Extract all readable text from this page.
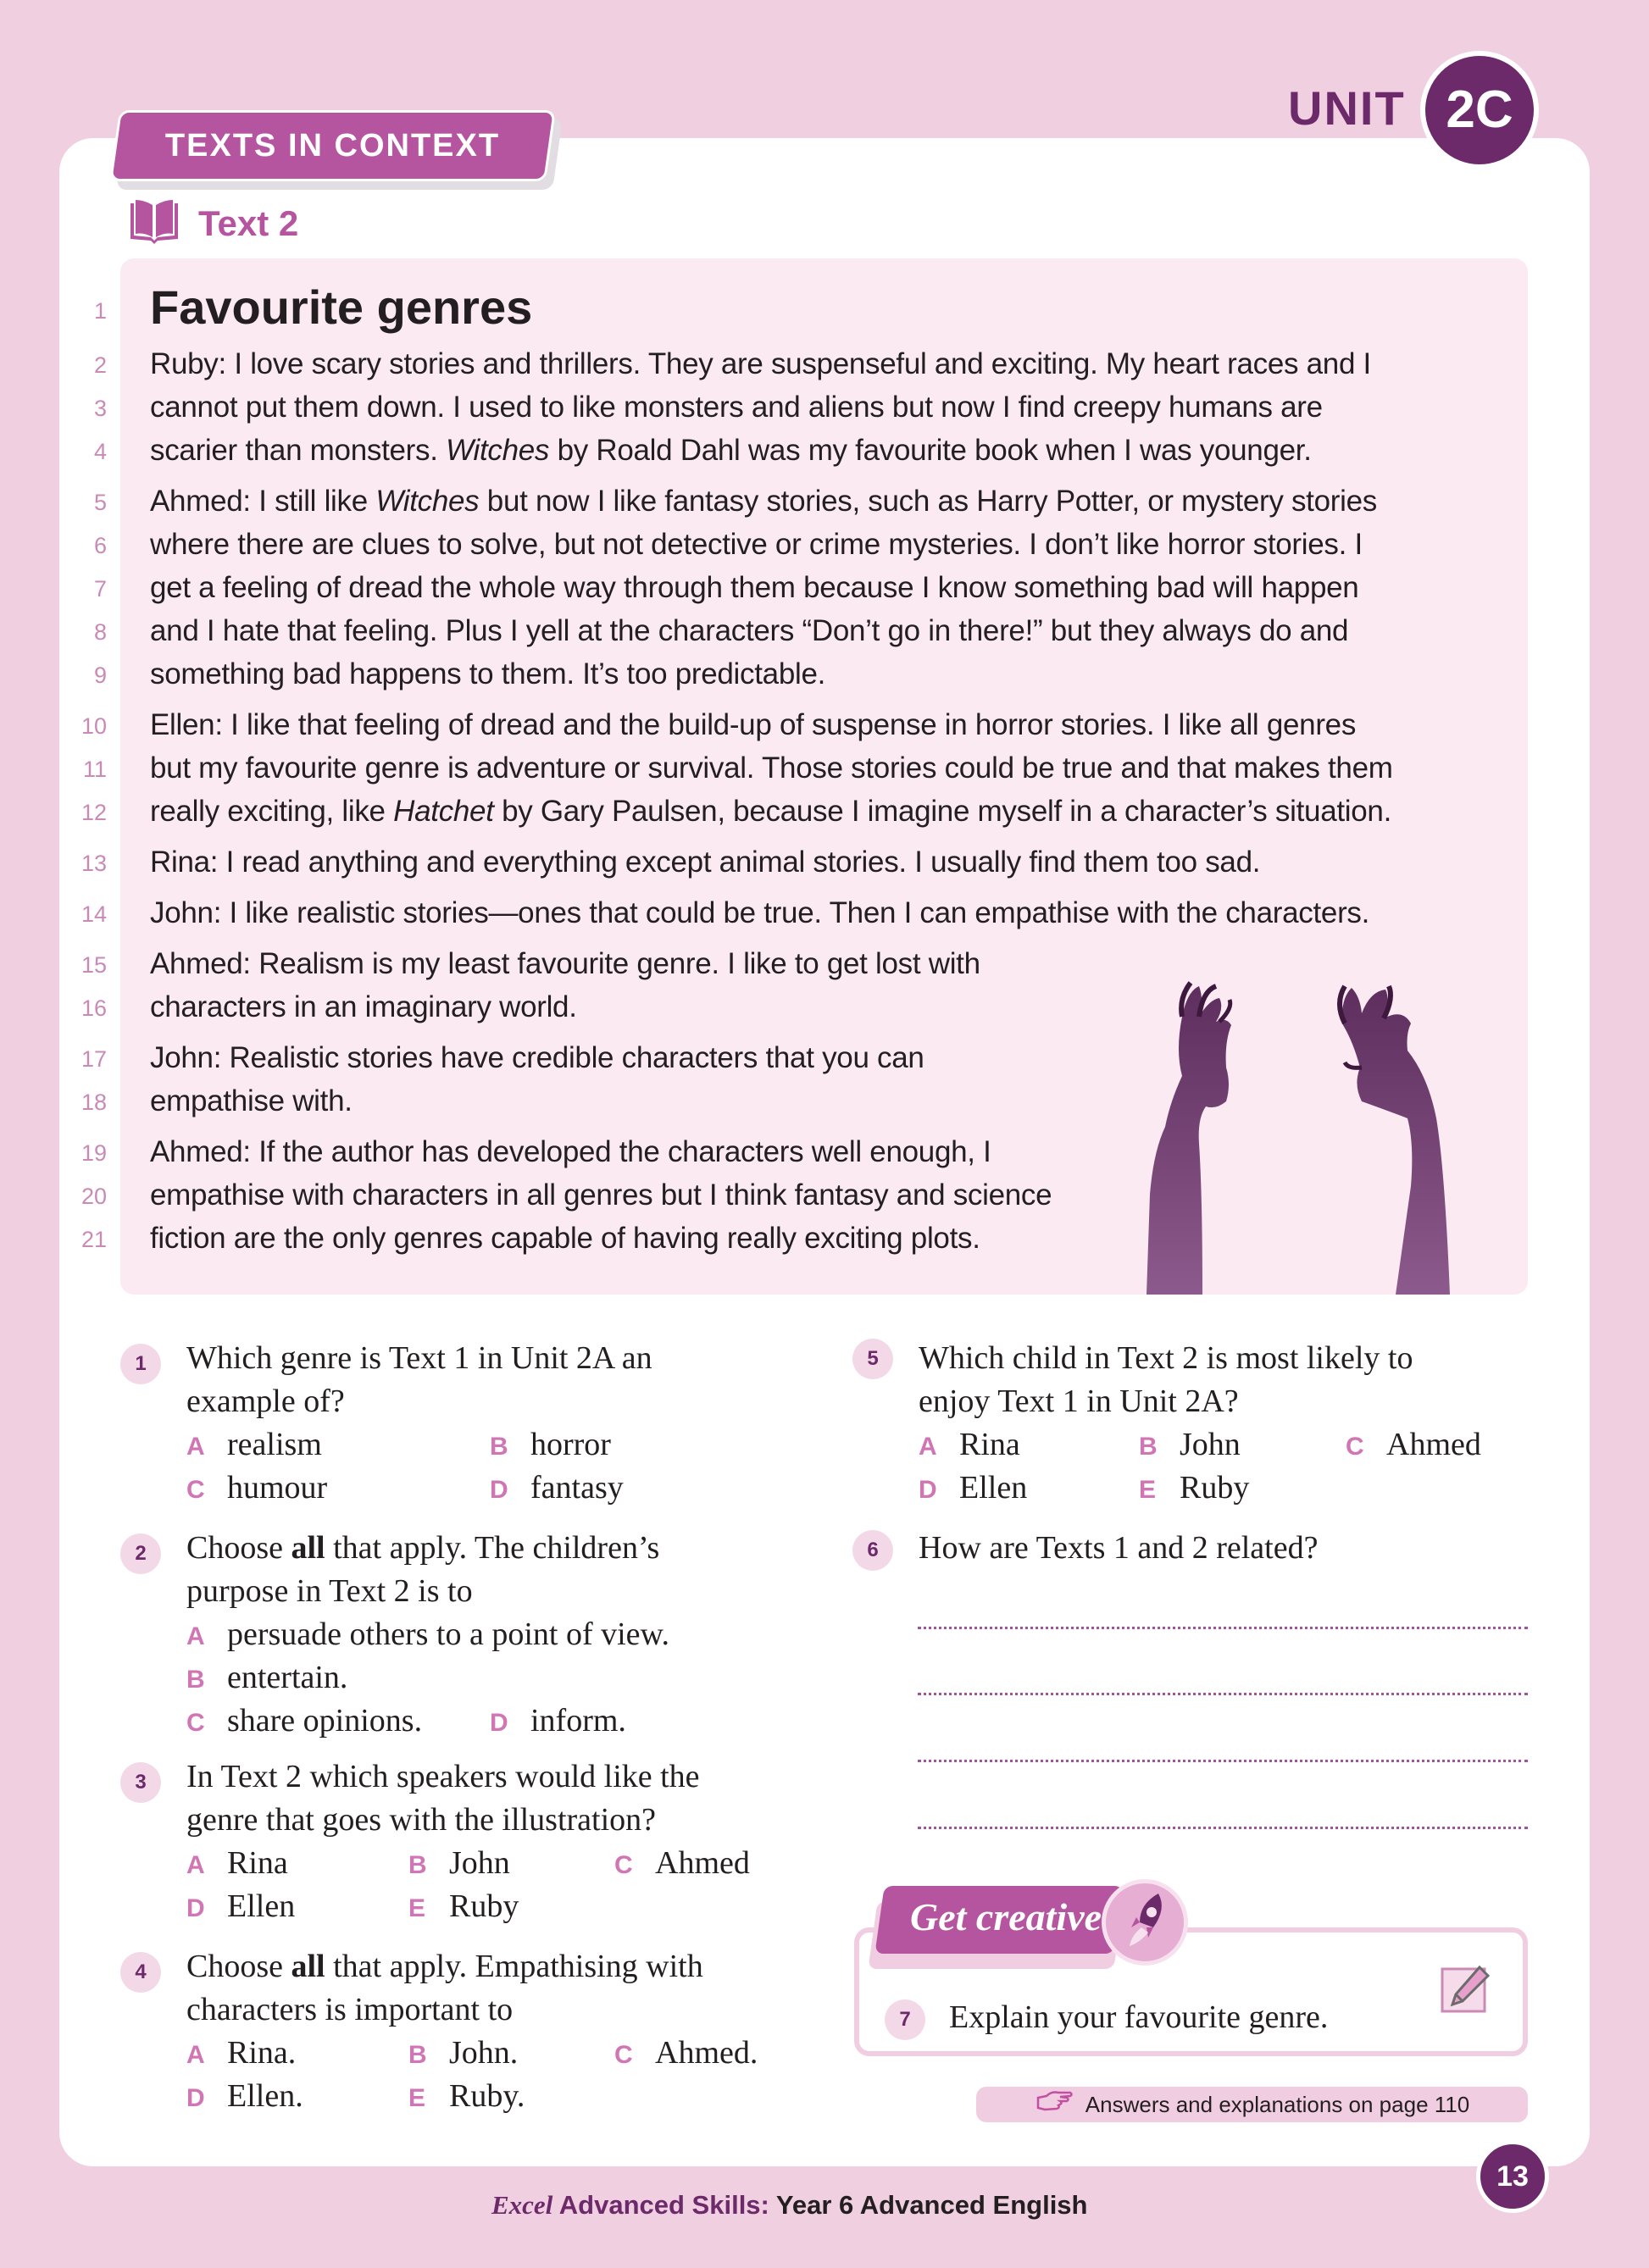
TEXTS IN CONTEXT
UNIT 2C
Text 2
1
2
3
4
5
6
7
8
9
10
11
12
13
14
15
16
17
18
19
20
21
Favourite genres
Ruby: I love scary stories and thrillers. They are suspenseful and exciting. My heart races and I
cannot put them down. I used to like monsters and aliens but now I find creepy humans are
scarier than monsters. Witches by Roald Dahl was my favourite book when I was younger.
Ahmed: I still like Witches but now I like fantasy stories, such as Harry Potter, or mystery stories
where there are clues to solve, but not detective or crime mysteries. I don’t like horror stories. I
get a feeling of dread the whole way through them because I know something bad will happen
and I hate that feeling. Plus I yell at the characters “Don’t go in there!” but they always do and
something bad happens to them. It’s too predictable.
Ellen: I like that feeling of dread and the build-up of suspense in horror stories. I like all genres
but my favourite genre is adventure or survival. Those stories could be true and that makes them
really exciting, like Hatchet by Gary Paulsen, because I imagine myself in a character’s situation.
Rina: I read anything and everything except animal stories. I usually find them too sad.
John: I like realistic stories—ones that could be true. Then I can empathise with the characters.
Ahmed: Realism is my least favourite genre. I like to get lost with
characters in an imaginary world.
John: Realistic stories have credible characters that you can
empathise with.
Ahmed: If the author has developed the characters well enough, I
empathise with characters in all genres but I think fantasy and science
fiction are the only genres capable of having really exciting plots.
1	Which genre is Text 1 in Unit 2A an
example of?
A realism	B horror
C humour	D fantasy
2	Choose all that apply. The children’s
purpose in Text 2 is to
A persuade others to a point of view.
B entertain.
C share opinions.	D inform.
3	In Text 2 which speakers would like the
genre that goes with the illustration?
A Rina	B John	C Ahmed
D Ellen	E Ruby
4	Choose all that apply. Empathising with
characters is important to
A Rina.	B John.	C Ahmed.
D Ellen.	E Ruby.
5	Which child in Text 2 is most likely to
enjoy Text 1 in Unit 2A?
A Rina	B John	C Ahmed
D Ellen	E Ruby
6	How are Texts 1 and 2 related?
Get creative
7	Explain your favourite genre.
Answers and explanations on page 110
Excel Advanced Skills: Year 6 Advanced English
13
